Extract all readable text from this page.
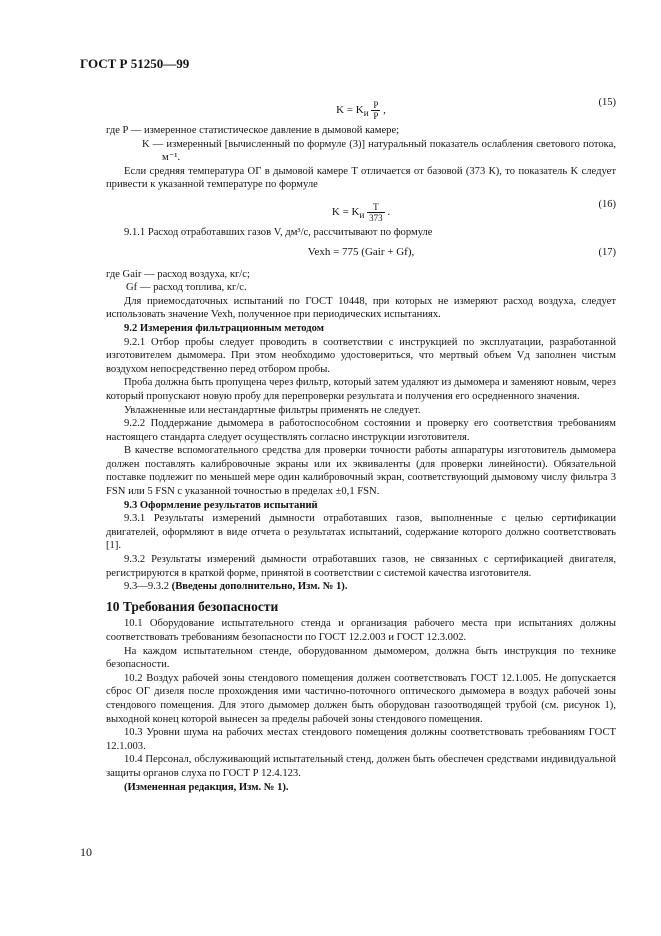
ГОСТ Р 51250—99
$K = K_и \frac{P}{P}$ ,
(15)

где P — измеренное статистическое давление в дымовой камере;

K — измеренный [вычисленный по формуле (3)] натуральный показатель ослабления светового потока, м⁻¹.

Если средняя температура ОГ в дымовой камере T отличается от базовой (373 К), то показатель K следует привести к указанной температуре по формуле

$K = K_и \frac{T}{373}$ .
(16)

9.1.1 Расход отработавших газов V, дм³/с, рассчитывают по формуле

Vexh = 775 (Gair + Gf),	(17)

где Gair — расход воздуха, кг/с;

Gf — расход топлива, кг/с.

Для приемосдаточных испытаний по ГОСТ 10448, при которых не измеряют расход воздуха, следует использовать значение Vexh, полученное при периодических испытаниях.

9.2 Измерения фильтрационным методом

9.2.1 Отбор пробы следует проводить в соответствии с инструкцией по эксплуатации, разработанной изготовителем дымомера. При этом необходимо удостовериться, что мертвый объем Vд заполнен чистым воздухом непосредственно перед отбором пробы.

Проба должна быть пропущена через фильтр, который затем удаляют из дымомера и заменяют новым, через который пропускают новую пробу для перепроверки результата и получения его осредненного значения.

Увлажненные или нестандартные фильтры применять не следует.

9.2.2 Поддержание дымомера в работоспособном состоянии и проверку его соответствия требованиям настоящего стандарта следует осуществлять согласно инструкции изготовителя.

В качестве вспомогательного средства для проверки точности работы аппаратуры изготовитель дымомера должен поставлять калибровочные экраны или их эквиваленты (для проверки линейности). Обязательной поставке подлежит по меньшей мере один калибровочный экран, соответствующий дымовому числу фильтра 3 FSN или 5 FSN с указанной точностью в пределах ±0,1 FSN.

9.3 Оформление результатов испытаний

9.3.1 Результаты измерений дымности отработавших газов, выполненные с целью сертификации двигателей, оформляют в виде отчета о результатах испытаний, содержание которого должно соответствовать [1].

9.3.2 Результаты измерений дымности отработавших газов, не связанных с сертификацией двигателя, регистрируются в краткой форме, принятой в соответствии с системой качества изготовителя.

9.3—9.3.2 (Введены дополнительно, Изм. № 1).

10 Требования безопасности

10.1 Оборудование испытательного стенда и организация рабочего места при испытаниях должны соответствовать требованиям безопасности по ГОСТ 12.2.003 и ГОСТ 12.3.002.

На каждом испытательном стенде, оборудованном дымомером, должна быть инструкция по технике безопасности.

10.2 Воздух рабочей зоны стендового помещения должен соответствовать ГОСТ 12.1.005. Не допускается сброс ОГ дизеля после прохождения ими частично-поточного оптического дымомера в воздух рабочей зоны стендового помещения. Для этого дымомер должен быть оборудован газоотводящей трубой (см. рисунок 1), выходной конец которой вынесен за пределы рабочей зоны стендового помещения.

10.3 Уровни шума на рабочих местах стендового помещения должны соответствовать требованиям ГОСТ 12.1.003.

10.4 Персонал, обслуживающий испытательный стенд, должен быть обеспечен средствами индивидуальной защиты органов слуха по ГОСТ Р 12.4.123.

(Измененная редакция, Изм. № 1).

10
